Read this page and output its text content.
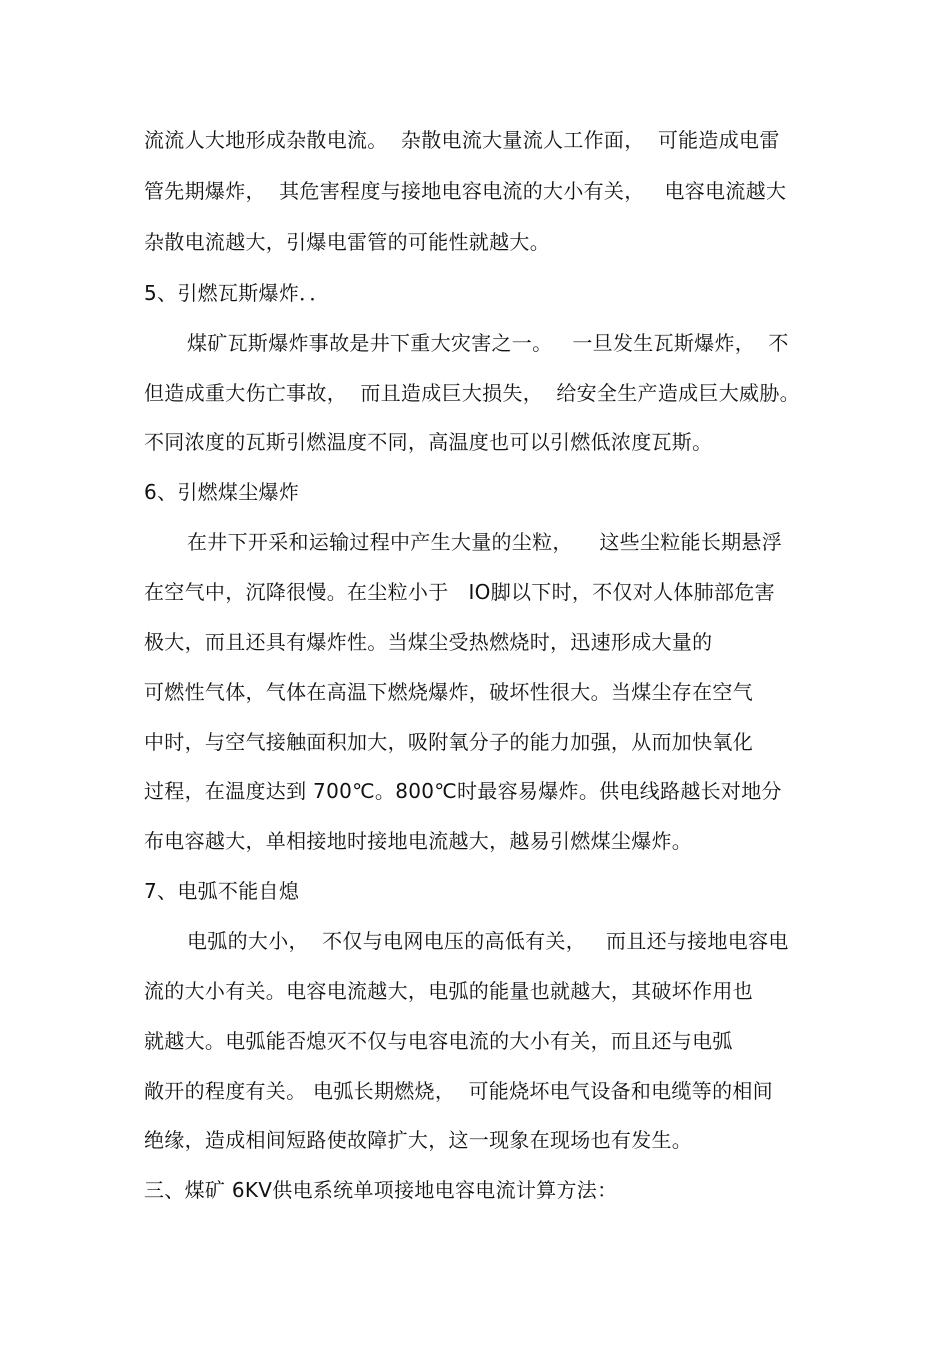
流流人大地形成杂散电流。  杂散电流大量流人工作面，  可能造成电雷
管先期爆炸，  其危害程度与接地电容电流的大小有关，   电容电流越大
杂散电流越大，引爆电雷管的可能性就越大。
5、引燃瓦斯爆炸．．
煤矿瓦斯爆炸事故是井下重大灾害之一。   一旦发生瓦斯爆炸，  不
但造成重大伤亡事故，  而且造成巨大损失，  给安全生产造成巨大威胁。
不同浓度的瓦斯引燃温度不同，高温度也可以引燃低浓度瓦斯。
6、引燃煤尘爆炸
在井下开采和运输过程中产生大量的尘粒，    这些尘粒能长期悬浮
在空气中，沉降很慢。在尘粒小于   IO脚以下时，不仅对人体肺部危害
极大，而且还具有爆炸性。当煤尘受热燃烧时，迅速形成大量的
可燃性气体，气体在高温下燃烧爆炸，破坏性很大。当煤尘存在空气
中时，与空气接触面积加大，吸附氧分子的能力加强，从而加快氧化
过程，在温度达到 700℃。800℃时最容易爆炸。供电线路越长对地分
布电容越大，单相接地时接地电流越大，越易引燃煤尘爆炸。
7、电弧不能自熄
电弧的大小，  不仅与电网电压的高低有关，   而且还与接地电容电
流的大小有关。电容电流越大，电弧的能量也就越大，其破坏作用也
就越大。电弧能否熄灭不仅与电容电流的大小有关，而且还与电弧
敞开的程度有关。 电弧长期燃烧，  可能烧坏电气设备和电缆等的相间
绝缘，造成相间短路使故障扩大，这一现象在现场也有发生。
三、煤矿 6KV供电系统单项接地电容电流计算方法：
